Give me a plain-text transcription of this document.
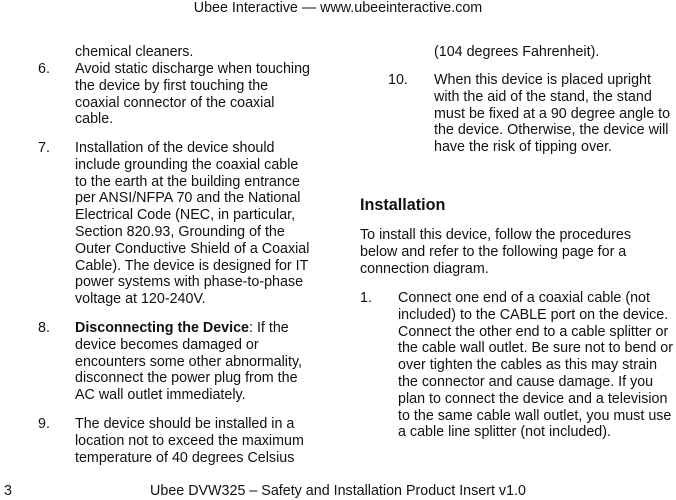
Ubee Interactive — www.ubeeinteractive.com
chemical cleaners.
6. Avoid static discharge when touching
the device by first touching the
coaxial connector of the coaxial
cable.
7. Installation of the device should
include grounding the coaxial cable
to the earth at the building entrance
per ANSI/NFPA 70 and the National
Electrical Code (NEC, in particular,
Section 820.93, Grounding of the
Outer Conductive Shield of a Coaxial
Cable). The device is designed for IT
power systems with phase-to-phase
voltage at 120-240V.
8. Disconnecting the Device: If the
device becomes damaged or
encounters some other abnormality,
disconnect the power plug from the
AC wall outlet immediately.
9. The device should be installed in a
location not to exceed the maximum
temperature of 40 degrees Celsius
(104 degrees Fahrenheit).
10. When this device is placed upright
with the aid of the stand, the stand
must be fixed at a 90 degree angle to
the device. Otherwise, the device will
have the risk of tipping over.
Installation
To install this device, follow the procedures
below and refer to the following page for a
connection diagram.
1. Connect one end of a coaxial cable (not
included) to the CABLE port on the device.
Connect the other end to a cable splitter or
the cable wall outlet. Be sure not to bend or
over tighten the cables as this may strain
the connector and cause damage. If you
plan to connect the device and a television
to the same cable wall outlet, you must use
a cable line splitter (not included).
3	Ubee DVW325 – Safety and Installation Product Insert v1.0
